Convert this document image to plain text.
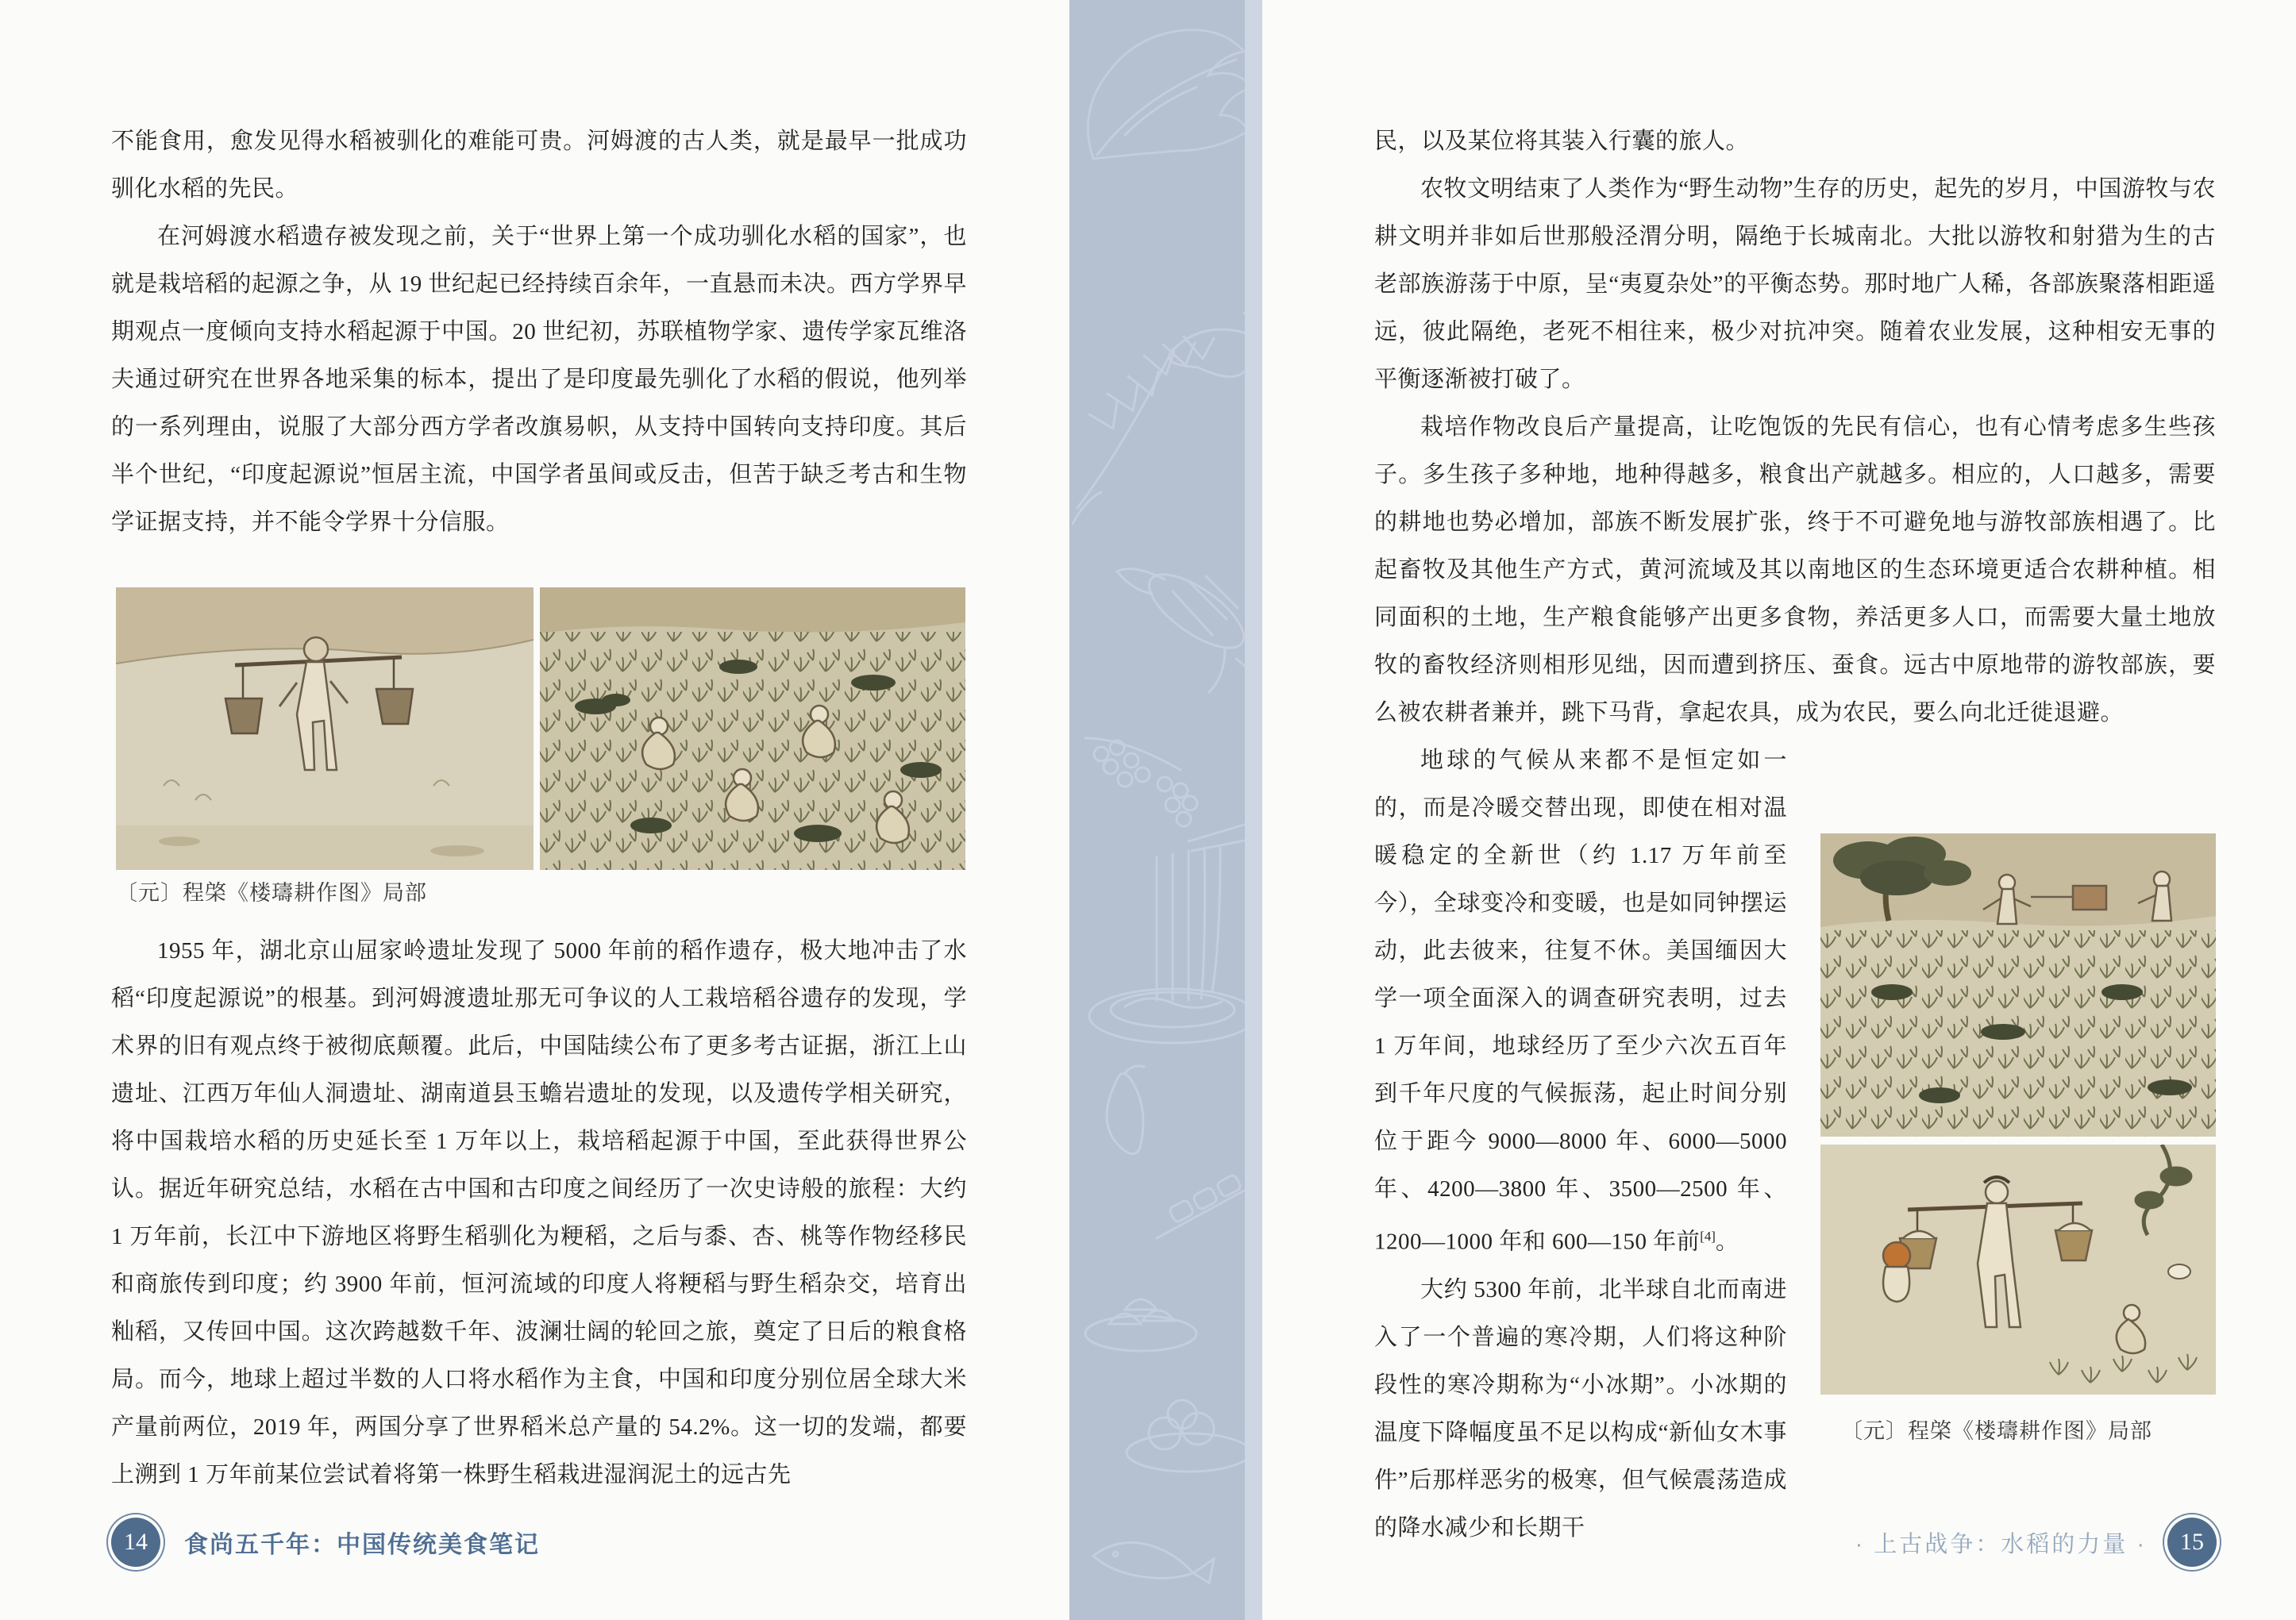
不能食用，愈发见得水稻被驯化的难能可贵。河姆渡的古人类，就是最早一批成功驯化水稻的先民。

在河姆渡水稻遗存被发现之前，关于“世界上第一个成功驯化水稻的国家”，也就是栽培稻的起源之争，从 19 世纪起已经持续百余年，一直悬而未决。西方学界早期观点一度倾向支持水稻起源于中国。20 世纪初，苏联植物学家、遗传学家瓦维洛夫通过研究在世界各地采集的标本，提出了是印度最先驯化了水稻的假说，他列举的一系列理由，说服了大部分西方学者改旗易帜，从支持中国转向支持印度。其后半个世纪，“印度起源说”恒居主流，中国学者虽间或反击，但苦于缺乏考古和生物学证据支持，并不能令学界十分信服。

〔元〕程棨《楼璹耕作图》局部

1955 年，湖北京山屈家岭遗址发现了 5000 年前的稻作遗存，极大地冲击了水稻“印度起源说”的根基。到河姆渡遗址那无可争议的人工栽培稻谷遗存的发现，学术界的旧有观点终于被彻底颠覆。此后，中国陆续公布了更多考古证据，浙江上山遗址、江西万年仙人洞遗址、湖南道县玉蟾岩遗址的发现，以及遗传学相关研究，将中国栽培水稻的历史延长至 1 万年以上，栽培稻起源于中国，至此获得世界公认。据近年研究总结，水稻在古中国和古印度之间经历了一次史诗般的旅程：大约 1 万年前，长江中下游地区将野生稻驯化为粳稻，之后与黍、杏、桃等作物经移民和商旅传到印度；约 3900 年前，恒河流域的印度人将粳稻与野生稻杂交，培育出籼稻，又传回中国。这次跨越数千年、波澜壮阔的轮回之旅，奠定了日后的粮食格局。而今，地球上超过半数的人口将水稻作为主食，中国和印度分别位居全球大米产量前两位，2019 年，两国分享了世界稻米总产量的 54.2%。这一切的发端，都要上溯到 1 万年前某位尝试着将第一株野生稻栽进湿润泥土的远古先

14	食尚五千年：中国传统美食笔记

民，以及某位将其装入行囊的旅人。

农牧文明结束了人类作为“野生动物”生存的历史，起先的岁月，中国游牧与农耕文明并非如后世那般泾渭分明，隔绝于长城南北。大批以游牧和射猎为生的古老部族游荡于中原，呈“夷夏杂处”的平衡态势。那时地广人稀，各部族聚落相距遥远，彼此隔绝，老死不相往来，极少对抗冲突。随着农业发展，这种相安无事的平衡逐渐被打破了。

栽培作物改良后产量提高，让吃饱饭的先民有信心，也有心情考虑多生些孩子。多生孩子多种地，地种得越多，粮食出产就越多。相应的，人口越多，需要的耕地也势必增加，部族不断发展扩张，终于不可避免地与游牧部族相遇了。比起畜牧及其他生产方式，黄河流域及其以南地区的生态环境更适合农耕种植。相同面积的土地，生产粮食能够产出更多食物，养活更多人口，而需要大量土地放牧的畜牧经济则相形见绌，因而遭到挤压、蚕食。远古中原地带的游牧部族，要么被农耕者兼并，跳下马背，拿起农具，成为农民，要么向北迁徙退避。

〔元〕程棨《楼璹耕作图》局部
地球的气候从来都不是恒定如一的，而是冷暖交替出现，即使在相对温暖稳定的全新世（约 1.17 万年前至今），全球变冷和变暖，也是如同钟摆运动，此去彼来，往复不休。美国缅因大学一项全面深入的调查研究表明，过去 1 万年间，地球经历了至少六次五百年到千年尺度的气候振荡，起止时间分别位于距今 9000—8000 年、6000—5000 年、4200—3800 年、3500—2500 年、1200—1000 年和 600—150 年前[4]。

大约 5300 年前，北半球自北而南进入了一个普遍的寒冷期，人们将这种阶段性的寒冷期称为“小冰期”。小冰期的温度下降幅度虽不足以构成“新仙女木事件”后那样恶劣的极寒，但气候震荡造成的降水减少和长期干

· 上古战争：水稻的力量 ·	15
